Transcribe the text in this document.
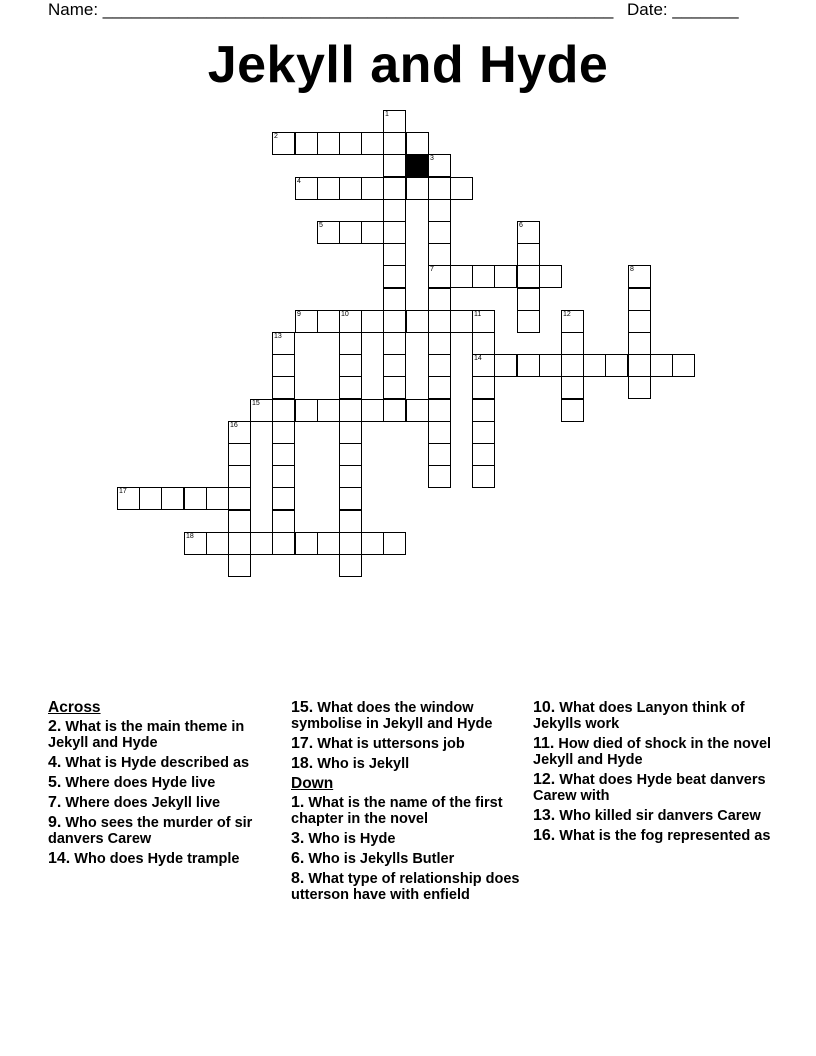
Name: ______________________________________________________ Date: _______
Jekyll and Hyde
1
2
3
7
4
5	6
8
9	10	11
14
12
13
15
16
17
18
Across
2. What is the main theme in Jekyll and Hyde
4. What is Hyde described as
5. Where does Hyde live
7. Where does Jekyll live
9. Who sees the murder of sir danvers Carew
14. Who does Hyde trample
15. What does the window symbolise in Jekyll and Hyde
17. What is uttersons job
18. Who is Jekyll
Down
1. What is the name of the first chapter in the novel
3. Who is Hyde
6. Who is Jekylls Butler
8. What type of relationship does utterson have with enfield
10. What does Lanyon think of Jekylls work
11. How died of shock in the novel Jekyll and Hyde
12. What does Hyde beat danvers Carew with
13. Who killed sir danvers Carew
16. What is the fog represented as
